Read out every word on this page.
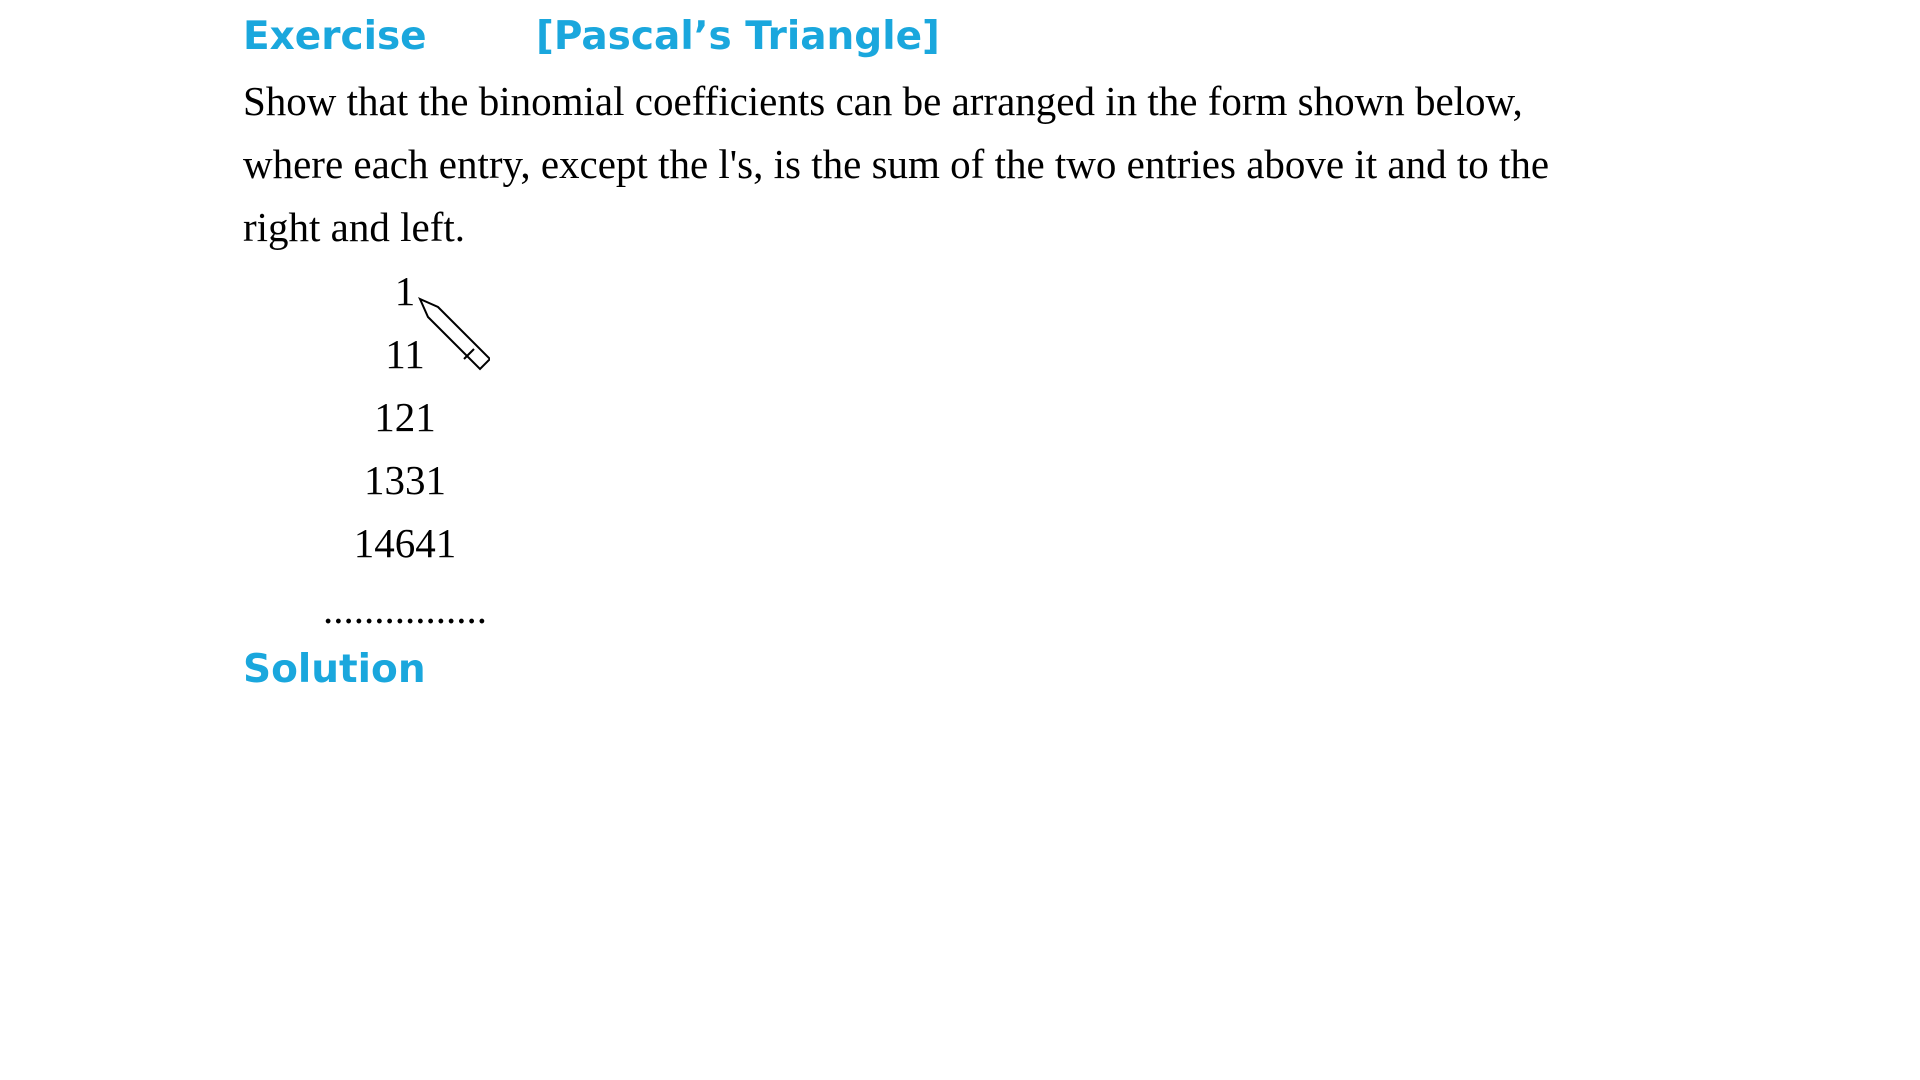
Exercise	[Pascal’s Triangle]
Show that the binomial coefficients can be arranged in the form shown below,
where each entry, except the l's, is the sum of the two entries above it and to the
right and left.
1
11
121
1331
14641
................
Solution
